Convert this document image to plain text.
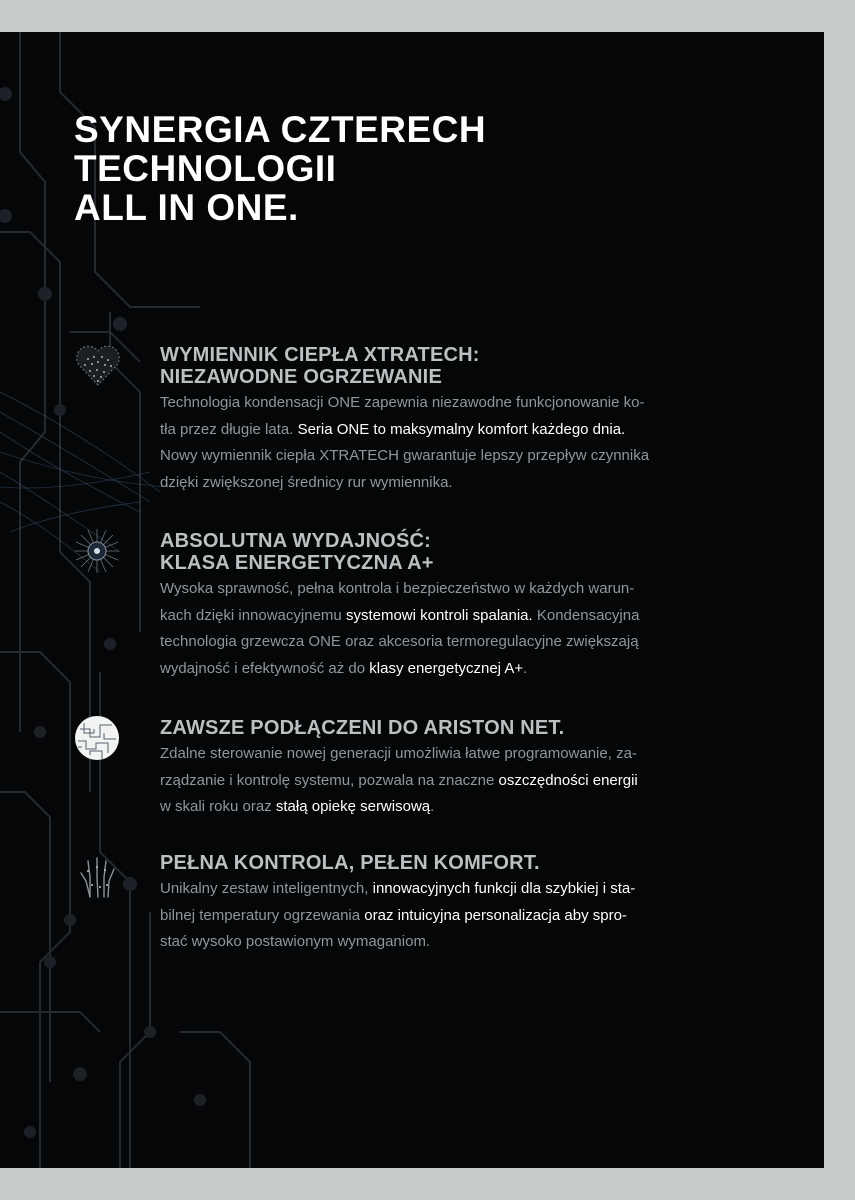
SYNERGIA CZTERECH
TECHNOLOGII
ALL IN ONE.
WYMIENNIK CIEPŁA XTRATECH:
NIEZAWODNE OGRZEWANIE

Technologia kondensacji ONE zapewnia niezawodne funkcjonowanie ko-
tła przez długie lata. Seria ONE to maksymalny komfort każdego dnia.
Nowy wymiennik ciepła XTRATECH gwarantuje lepszy przepływ czynnika
dzięki zwiększonej średnicy rur wymiennika.

ABSOLUTNA WYDAJNOŚĆ:
KLASA ENERGETYCZNA A+

Wysoka sprawność, pełna kontrola i bezpieczeństwo w każdych warun-
kach dzięki innowacyjnemu systemowi kontroli spalania. Kondensacyjna
technologia grzewcza ONE oraz akcesoria termoregulacyjne zwiększają
wydajność i efektywność aż do klasy energetycznej A+.

ZAWSZE PODŁĄCZENI DO ARISTON NET.

Zdalne sterowanie nowej generacji umożliwia łatwe programowanie, za-
rządzanie i kontrolę systemu, pozwala na znaczne oszczędności energii
w skali roku oraz stałą opiekę serwisową.

PEŁNA KONTROLA, PEŁEN KOMFORT.

Unikalny zestaw inteligentnych, innowacyjnych funkcji dla szybkiej i sta-
bilnej temperatury ogrzewania oraz intuicyjna personalizacja aby spro-
stać wysoko postawionym wymaganiom.
